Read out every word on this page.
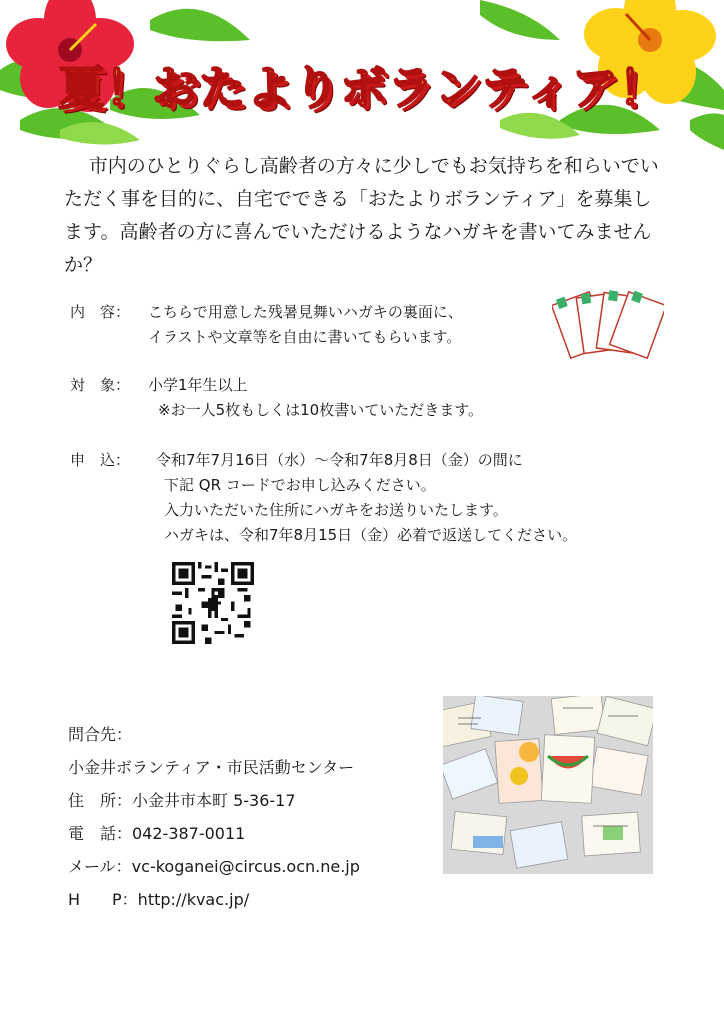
夏！おたよりボランティア！

市内のひとりぐらし高齢者の方々に少しでもお気持ちを和らいでいただく事を目的に、自宅でできる「おたよりボランティア」を募集します。高齢者の方に喜んでいただけるようなハガキを書いてみませんか？

内　容：	こちらで用意した残暑見舞いハガキの裏面に、
イラストや文章等を自由に書いてもらいます。
対　象：	小学1年生以上
※お一人5枚もしくは10枚書いていただきます。
申　込：	令和7年7月16日（水）～令和7年8月8日（金）の間に
下記 QR コードでお申し込みください。
入力いただいた住所にハガキをお送りいたします。
ハガキは、令和7年8月15日（金）必着で返送してください。
問合先：
小金井ボランティア・市民活動センター
住　所：小金井市本町 5-36-17
電　話：042-387-0011
メール：vc-koganei@circus.ocn.ne.jp
H　　P：http://kvac.jp/
